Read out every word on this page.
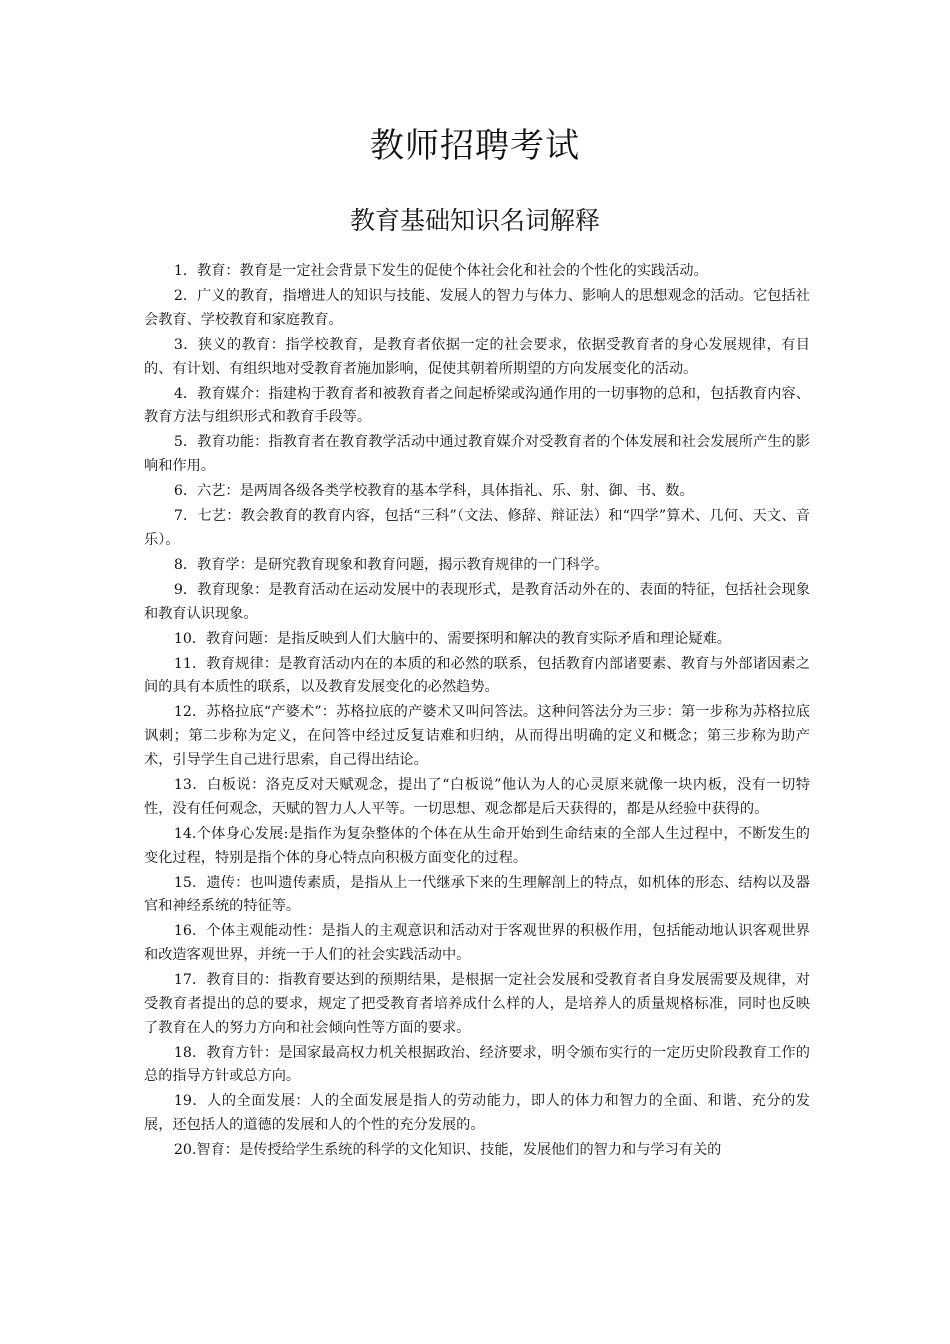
教师招聘考试
教育基础知识名词解释
1．教育：教育是一定社会背景下发生的促使个体社会化和社会的个性化的实践活动。
2．广义的教育，指增进人的知识与技能、发展人的智力与体力、影响人的思想观念的活动。它包括社会教育、学校教育和家庭教育。
3．狭义的教育：指学校教育，是教育者依据一定的社会要求，依据受教育者的身心发展规律，有目的、有计划、有组织地对受教育者施加影响，促使其朝着所期望的方向发展变化的活动。
4．教育媒介：指建构于教育者和被教育者之间起桥梁或沟通作用的一切事物的总和，包括教育内容、教育方法与组织形式和教育手段等。
5．教育功能：指教育者在教育教学活动中通过教育媒介对受教育者的个体发展和社会发展所产生的影响和作用。
6．六艺：是两周各级各类学校教育的基本学科，具体指礼、乐、射、御、书、数。
7．七艺：教会教育的教育内容，包括“三科”（文法、修辞、辩证法）和“四学”算术、几何、天文、音乐）。
8．教育学：是研究教育现象和教育问题，揭示教育规律的一门科学。
9．教育现象：是教育活动在运动发展中的表现形式，是教育活动外在的、表面的特征，包括社会现象和教育认识现象。
10．教育问题：是指反映到人们大脑中的、需要探明和解决的教育实际矛盾和理论疑难。
11．教育规律：是教育活动内在的本质的和必然的联系，包括教育内部诸要素、教育与外部诸因素之间的具有本质性的联系，以及教育发展变化的必然趋势。
12．苏格拉底“产婆术”：苏格拉底的产婆术又叫问答法。这种问答法分为三步：第一步称为苏格拉底讽刺；第二步称为定义，在问答中经过反复诘难和归纳，从而得出明确的定义和概念；第三步称为助产术，引导学生自己进行思索，自己得出结论。
13．白板说：洛克反对天赋观念，提出了“白板说”他认为人的心灵原来就像一块内板，没有一切特性，没有任何观念，天赋的智力人人平等。一切思想、观念都是后天获得的，都是从经验中获得的。
14.个体身心发展:是指作为复杂整体的个体在从生命开始到生命结束的全部人生过程中，不断发生的变化过程，特别是指个体的身心特点向积极方面变化的过程。
15．遗传：也叫遗传素质，是指从上一代继承下来的生理解剖上的特点，如机体的形态、结构以及器官和神经系统的特征等。
16．个体主观能动性：是指人的主观意识和活动对于客观世界的积极作用，包括能动地认识客观世界和改造客观世界，并统一于人们的社会实践活动中。
17．教育目的：指教育要达到的预期结果，是根据一定社会发展和受教育者自身发展需要及规律，对受教育者提出的总的要求，规定了把受教育者培养成什么样的人，是培养人的质量规格标准，同时也反映了教育在人的努力方向和社会倾向性等方面的要求。
18．教育方针：是国家最高权力机关根据政治、经济要求，明令颁布实行的一定历史阶段教育工作的总的指导方针或总方向。
19．人的全面发展：人的全面发展是指人的劳动能力，即人的体力和智力的全面、和谐、充分的发展，还包括人的道德的发展和人的个性的充分发展的。
20.智育：是传授给学生系统的科学的文化知识、技能，发展他们的智力和与学习有关的
